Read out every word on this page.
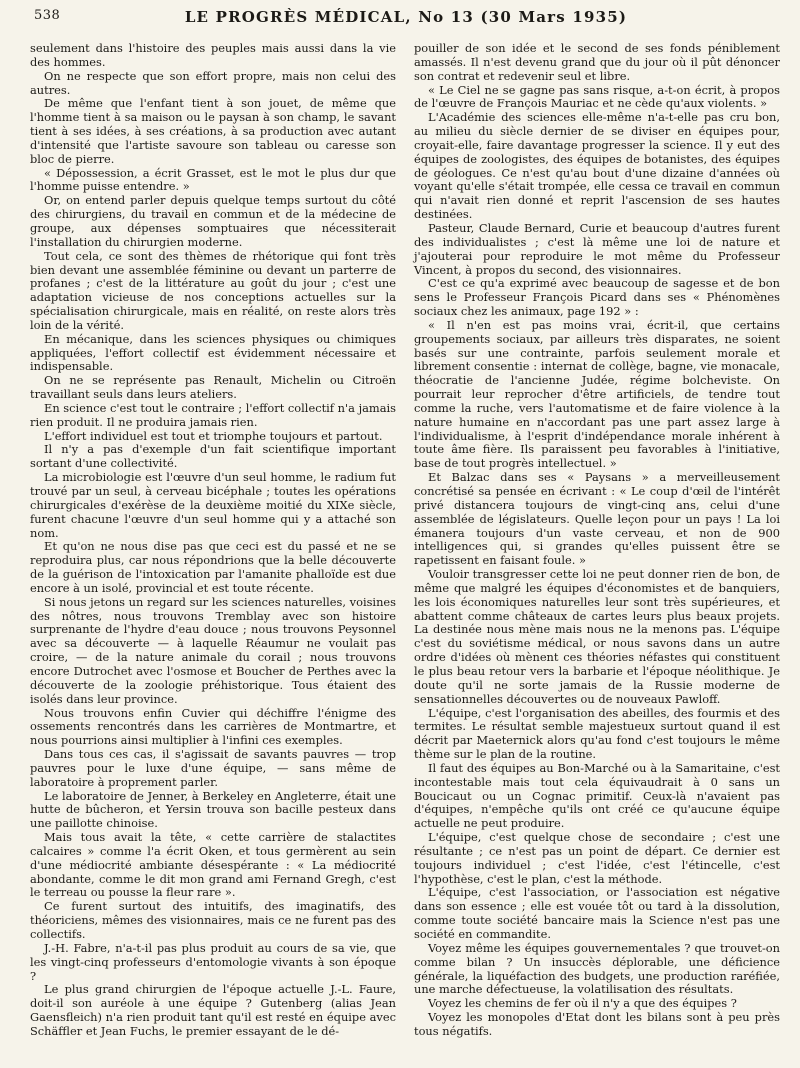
538	LE PROGRÈS MÉDICAL, No 13 (30 Mars 1935)

seulement dans l'histoire des peuples mais aussi dans la vie des hommes.

On ne respecte que son effort propre, mais non celui des autres.

De même que l'enfant tient à son jouet, de même que l'homme tient à sa maison ou le paysan à son champ, le savant tient à ses idées, à ses créations, à sa production avec autant d'intensité que l'artiste savoure son tableau ou caresse son bloc de pierre.

« Dépossession, a écrit Grasset, est le mot le plus dur que l'homme puisse entendre. »

Or, on entend parler depuis quelque temps surtout du côté des chirurgiens, du travail en commun et de la médecine de groupe, aux dépenses somptuaires que nécessiterait l'installation du chirurgien moderne.

Tout cela, ce sont des thèmes de rhétorique qui font très bien devant une assemblée féminine ou devant un parterre de profanes ; c'est de la littérature au goût du jour ; c'est une adaptation vicieuse de nos conceptions actuelles sur la spécialisation chirurgicale, mais en réalité, on reste alors très loin de la vérité.

En mécanique, dans les sciences physiques ou chimiques appliquées, l'effort collectif est évidemment nécessaire et indispensable.

On ne se représente pas Renault, Michelin ou Citroën travaillant seuls dans leurs ateliers.

En science c'est tout le contraire ; l'effort collectif n'a jamais rien produit. Il ne produira jamais rien.

L'effort individuel est tout et triomphe toujours et partout.

Il n'y a pas d'exemple d'un fait scientifique important sortant d'une collectivité.

La microbiologie est l'œuvre d'un seul homme, le radium fut trouvé par un seul, à cerveau bicéphale ; toutes les opérations chirurgicales d'exérèse de la deuxième moitié du XIXe siècle, furent chacune l'œuvre d'un seul homme qui y a attaché son nom.

Et qu'on ne nous dise pas que ceci est du passé et ne se reproduira plus, car nous répondrions que la belle découverte de la guérison de l'intoxication par l'amanite phalloïde est due encore à un isolé, provincial et est toute récente.

Si nous jetons un regard sur les sciences naturelles, voisines des nôtres, nous trouvons Tremblay avec son histoire surprenante de l'hydre d'eau douce ; nous trouvons Peysonnel avec sa découverte — à laquelle Réaumur ne voulait pas croire, — de la nature animale du corail ; nous trouvons encore Dutrochet avec l'osmose et Boucher de Perthes avec la découverte de la zoologie préhistorique. Tous étaient des isolés dans leur province.

Nous trouvons enfin Cuvier qui déchiffre l'énigme des ossements rencontrés dans les carrières de Montmartre, et nous pourrions ainsi multiplier à l'infini ces exemples.

Dans tous ces cas, il s'agissait de savants pauvres — trop pauvres pour le luxe d'une équipe, — sans même de laboratoire à proprement parler.

Le laboratoire de Jenner, à Berkeley en Angleterre, était une hutte de bûcheron, et Yersin trouva son bacille pesteux dans une paillotte chinoise.

Mais tous avait la tête, « cette carrière de stalactites calcaires » comme l'a écrit Oken, et tous germèrent au sein d'une médiocrité ambiante désespérante : « La médiocrité abondante, comme le dit mon grand ami Fernand Gregh, c'est le terreau ou pousse la fleur rare ».

Ce furent surtout des intuitifs, des imaginatifs, des théoriciens, mêmes des visionnaires, mais ce ne furent pas des collectifs.

J.-H. Fabre, n'a-t-il pas plus produit au cours de sa vie, que les vingt-cinq professeurs d'entomologie vivants à son époque ?

Le plus grand chirurgien de l'époque actuelle J.-L. Faure, doit-il son auréole à une équipe ? Gutenberg (alias Jean Gaensfleich) n'a rien produit tant qu'il est resté en équipe avec Schäffler et Jean Fuchs, le premier essayant de le dé-

pouiller de son idée et le second de ses fonds péniblement amassés. Il n'est devenu grand que du jour où il pût dénoncer son contrat et redevenir seul et libre.

« Le Ciel ne se gagne pas sans risque, a-t-on écrit, à propos de l'œuvre de François Mauriac et ne cède qu'aux violents. »

L'Académie des sciences elle-même n'a-t-elle pas cru bon, au milieu du siècle dernier de se diviser en équipes pour, croyait-elle, faire davantage progresser la science. Il y eut des équipes de zoologistes, des équipes de botanistes, des équipes de géologues. Ce n'est qu'au bout d'une dizaine d'années où voyant qu'elle s'était trompée, elle cessa ce travail en commun qui n'avait rien donné et reprit l'ascension de ses hautes destinées.

Pasteur, Claude Bernard, Curie et beaucoup d'autres furent des individualistes ; c'est là même une loi de nature et j'ajouterai pour reproduire le mot même du Professeur Vincent, à propos du second, des visionnaires.

C'est ce qu'a exprimé avec beaucoup de sagesse et de bon sens le Professeur François Picard dans ses « Phénomènes sociaux chez les animaux, page 192 » :

« Il n'en est pas moins vrai, écrit-il, que certains groupements sociaux, par ailleurs très disparates, ne soient basés sur une contrainte, parfois seulement morale et librement consentie : internat de collège, bagne, vie monacale, théocratie de l'ancienne Judée, régime bolcheviste. On pourrait leur reprocher d'être artificiels, de tendre tout comme la ruche, vers l'automatisme et de faire violence à la nature humaine en n'accordant pas une part assez large à l'individualisme, à l'esprit d'indépendance morale inhérent à toute âme fière. Ils paraissent peu favorables à l'initiative, base de tout progrès intellectuel. »

Et Balzac dans ses « Paysans » a merveilleusement concrétisé sa pensée en écrivant : « Le coup d'œil de l'intérêt privé distancera toujours de vingt-cinq ans, celui d'une assemblée de législateurs. Quelle leçon pour un pays ! La loi émanera toujours d'un vaste cerveau, et non de 900 intelligences qui, si grandes qu'elles puissent être se rapetissent en faisant foule. »

Vouloir transgresser cette loi ne peut donner rien de bon, de même que malgré les équipes d'économistes et de banquiers, les lois économiques naturelles leur sont très supérieures, et abattent comme châteaux de cartes leurs plus beaux projets. La destinée nous mène mais nous ne la menons pas. L'équipe c'est du soviétisme médical, or nous savons dans un autre ordre d'idées où mènent ces théories néfastes qui constituent le plus beau retour vers la barbarie et l'époque néolithique. Je doute qu'il ne sorte jamais de la Russie moderne de sensationnelles découvertes ou de nouveaux Pawloff.

L'équipe, c'est l'organisation des abeilles, des fourmis et des termites. Le résultat semble majestueux surtout quand il est décrit par Maeternick alors qu'au fond c'est toujours le même thème sur le plan de la routine.

Il faut des équipes au Bon-Marché ou à la Samaritaine, c'est incontestable mais tout cela équivaudrait à 0 sans un Boucicaut ou un Cognac primitif. Ceux-là n'avaient pas d'équipes, n'empêche qu'ils ont créé ce qu'aucune équipe actuelle ne peut produire.

L'équipe, c'est quelque chose de secondaire ; c'est une résultante ; ce n'est pas un point de départ. Ce dernier est toujours individuel ; c'est l'idée, c'est l'étincelle, c'est l'hypothèse, c'est le plan, c'est la méthode.

L'équipe, c'est l'association, or l'association est négative dans son essence ; elle est vouée tôt ou tard à la dissolution, comme toute société bancaire mais la Science n'est pas une société en commandite.

Voyez même les équipes gouvernementales ? que trouvet-on comme bilan ? Un insuccès déplorable, une déficience générale, la liquéfaction des budgets, une production raréfiée, une marche défectueuse, la volatilisation des résultats.

Voyez les chemins de fer où il n'y a que des équipes ?

Voyez les monopoles d'Etat dont les bilans sont à peu près tous négatifs.
